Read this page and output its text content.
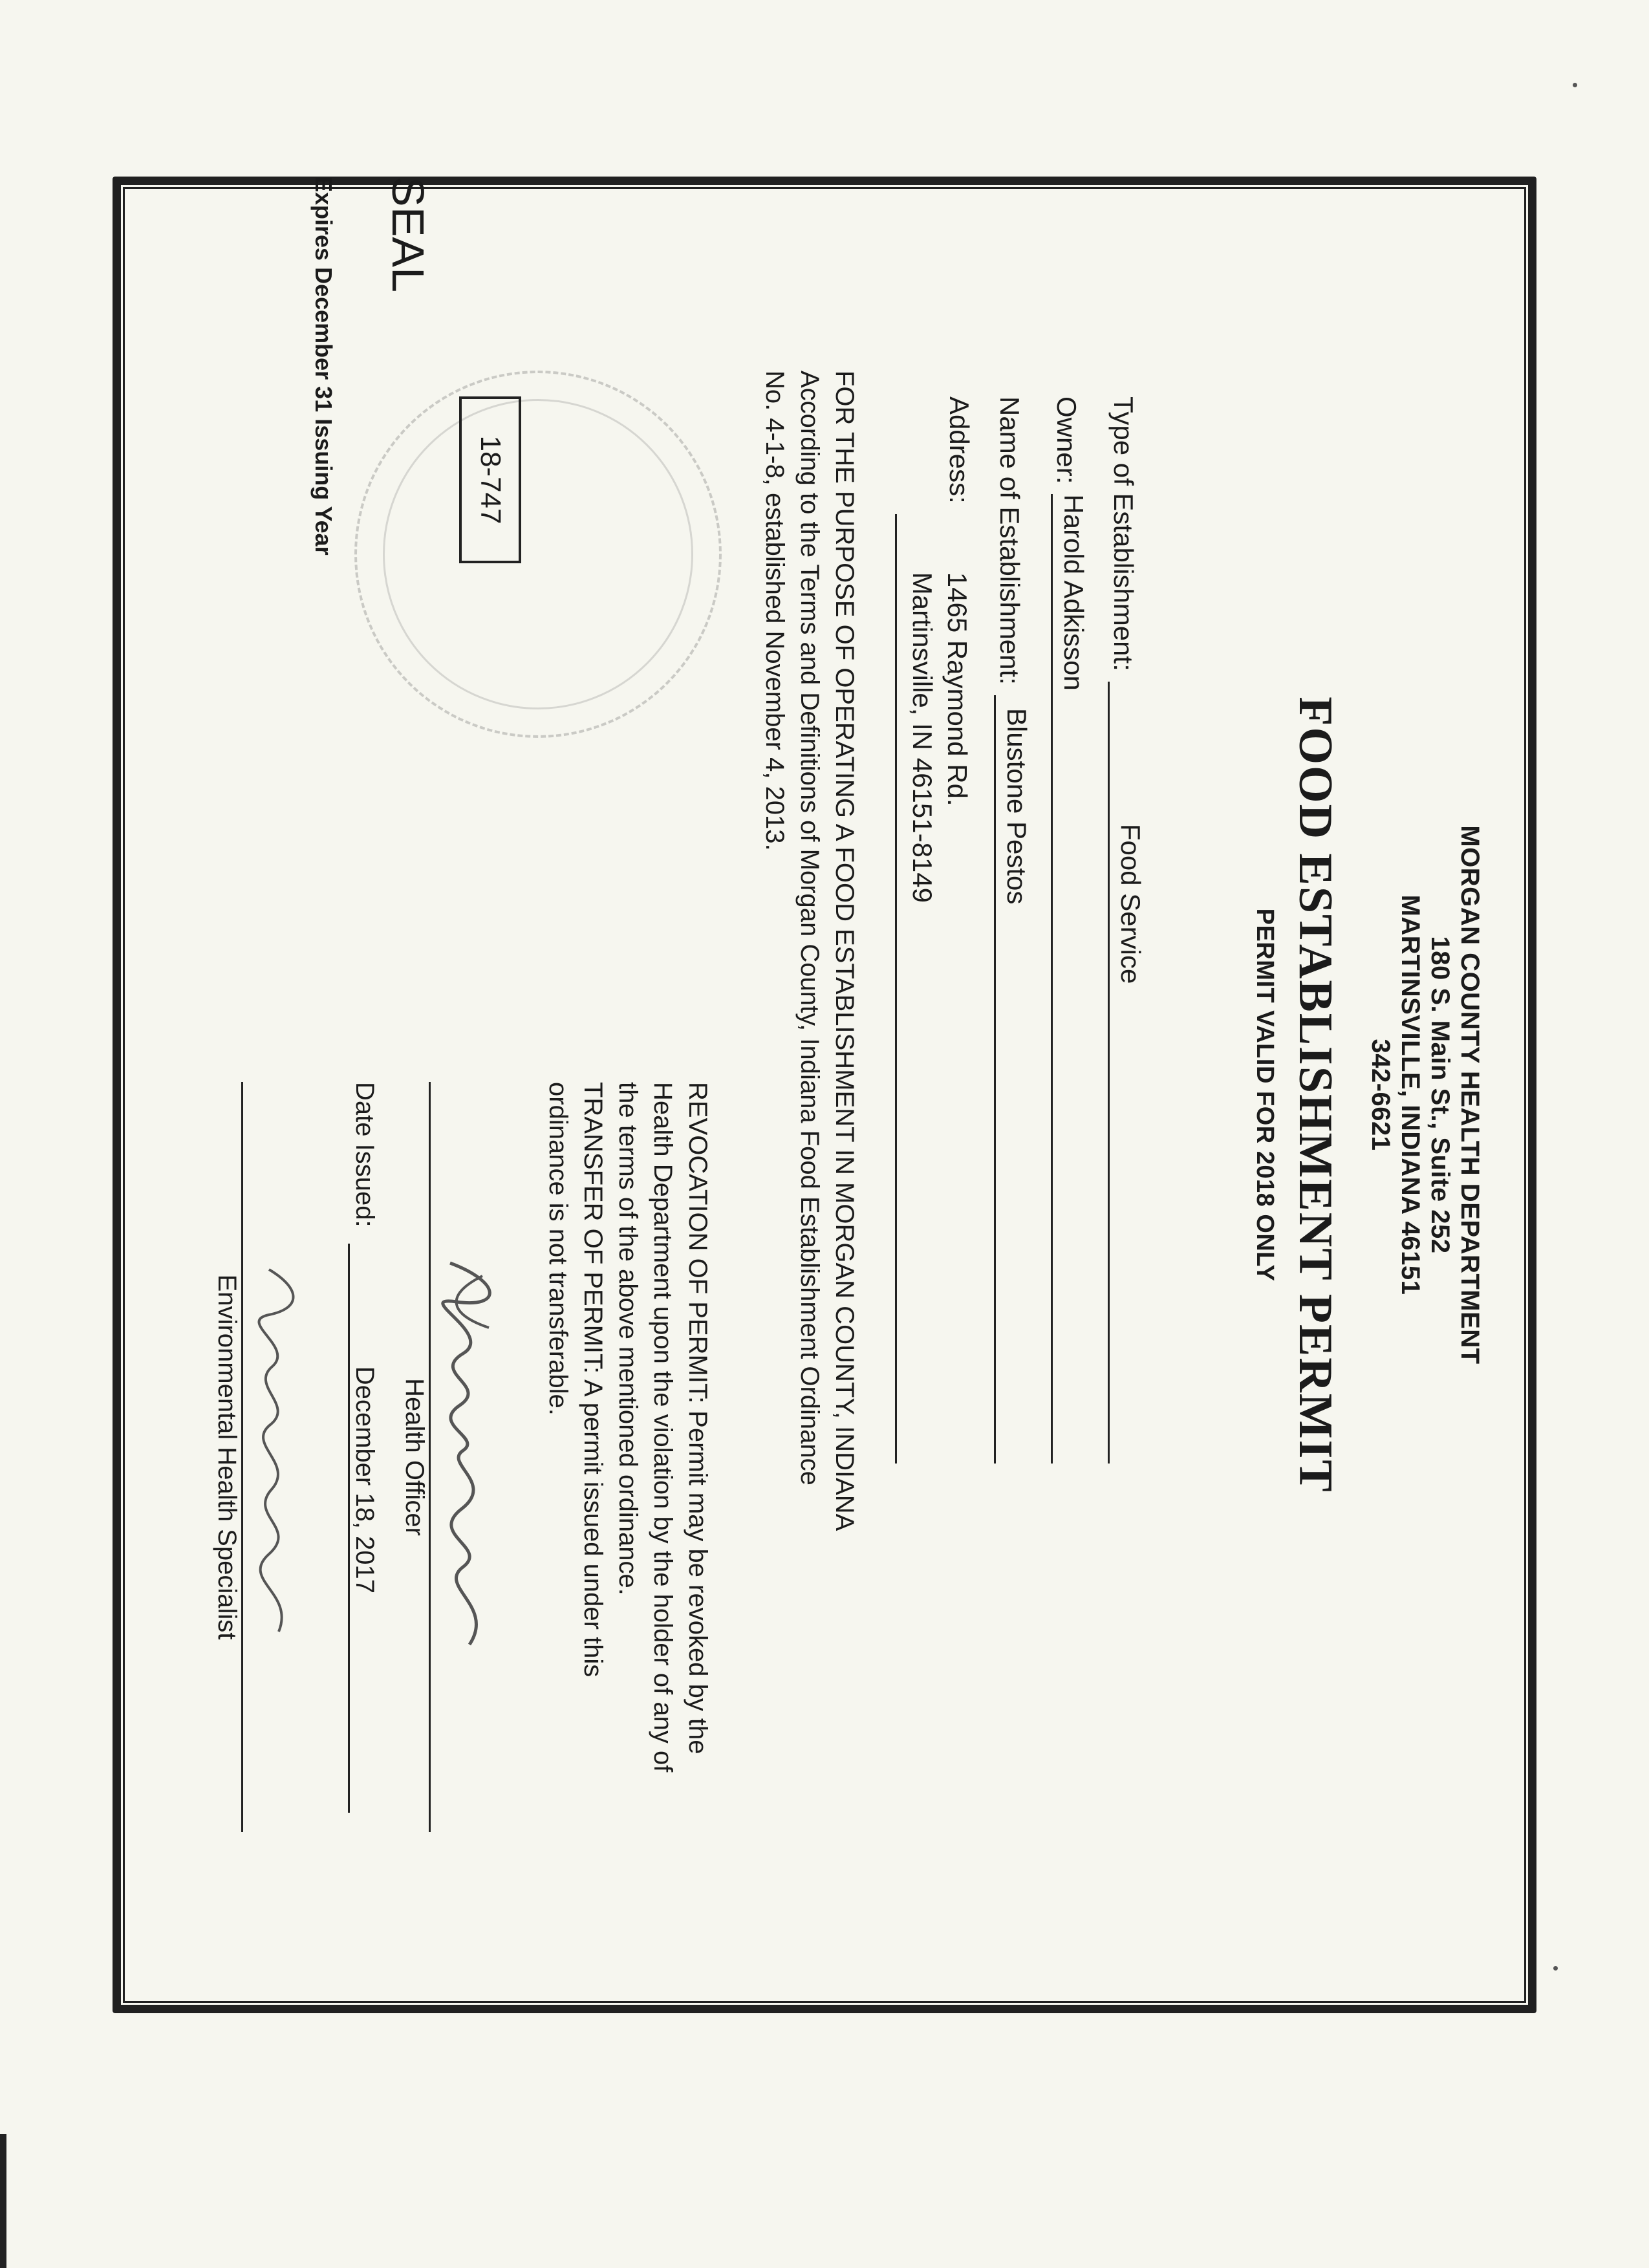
MORGAN COUNTY HEALTH DEPARTMENT
180 S. Main St., Suite 252
MARTINSVILLE, INDIANA 46151
342-6621
FOOD ESTABLISHMENT PERMIT
PERMIT VALID FOR 2018 ONLY
Type of Establishment:
Food Service
Owner:
Harold Adkisson
Name of Establishment:
Blustone Pestos
Address:
1465 Raymond Rd.
Martinsville, IN 46151-8149
FOR THE PURPOSE OF OPERATING A FOOD ESTABLISHMENT IN MORGAN COUNTY, INDIANA
According to the Terms and Definitions of Morgan County, Indiana Food Establishment Ordinance
No. 4-1-8, established November 4, 2013.
REVOCATION OF PERMIT: Permit may be revoked by the
Health Department upon the violation by the holder of any of
the terms of the above mentioned ordinance.
TRANSFER OF PERMIT: A permit issued under this
ordinance is not transferable.
18-747
SEAL
Expires December 31 Issuing Year
Health Officer
Date Issued: December 18, 2017
Environmental Health Specialist
